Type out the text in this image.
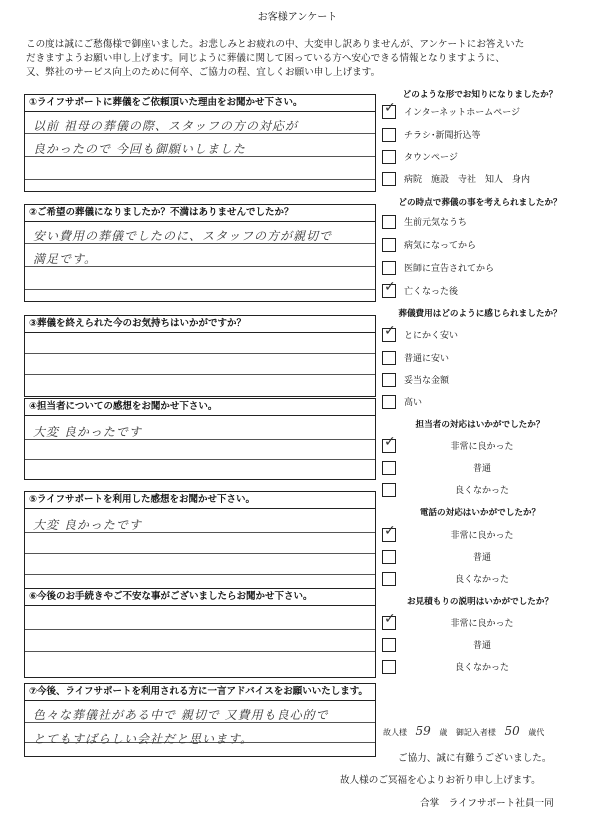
お客様アンケート
この度は誠にご愁傷様で御座いました。お悲しみとお疲れの中、大変申し訳ありませんが、アンケートにお答えいた
だきますようお願い申し上げます。同じように葬儀に関して困っている方へ安心できる情報となりますように、
又、弊社のサービス向上のために何卒、ご協力の程、宜しくお願い申し上げます。
①ライフサポートに葬儀をご依頼頂いた理由をお聞かせ下さい。
以前 祖母の葬儀の際、スタッフの方の対応が
良かったので 今回も御願いしました
②ご希望の葬儀になりましたか？不満はありませんでしたか？
安い費用の葬儀でしたのに、スタッフの方が親切で
満足です。
③葬儀を終えられた今のお気持ちはいかがですか？
④担当者についての感想をお聞かせ下さい。
大変 良かったです
⑤ライフサポートを利用した感想をお聞かせ下さい。
大変 良かったです
⑥今後のお手続きやご不安な事がございましたらお聞かせ下さい。
⑦今後、ライフサポートを利用される方に一言アドバイスをお願いいたします。
色々な葬儀社がある中で 親切で 又費用も良心的で
とてもすばらしい会社だと思います。
どのような形でお知りになりましたか？
✓ インターネットホームページ
チラシ･新聞折込等
タウンページ
病院　施設　寺社　知人　身内
どの時点で葬儀の事を考えられましたか？
生前元気なうち
病気になってから
医師に宣告されてから
✓ 亡くなった後
葬儀費用はどのように感じられましたか？
✓ とにかく安い
普通に安い
妥当な金額
高い
担当者の対応はいかがでしたか？
✓	非常に良かった
普通
良くなかった
電話の対応はいかがでしたか？
✓	非常に良かった
普通
良くなかった
お見積もりの説明はいかがでしたか？
✓	非常に良かった
普通
良くなかった
故人様 59 歳 御記入者様 50 歳代
ご協力、誠に有難うございました。
故人様のご冥福を心よりお祈り申し上げます。
合掌　ライフサポート社員一同
